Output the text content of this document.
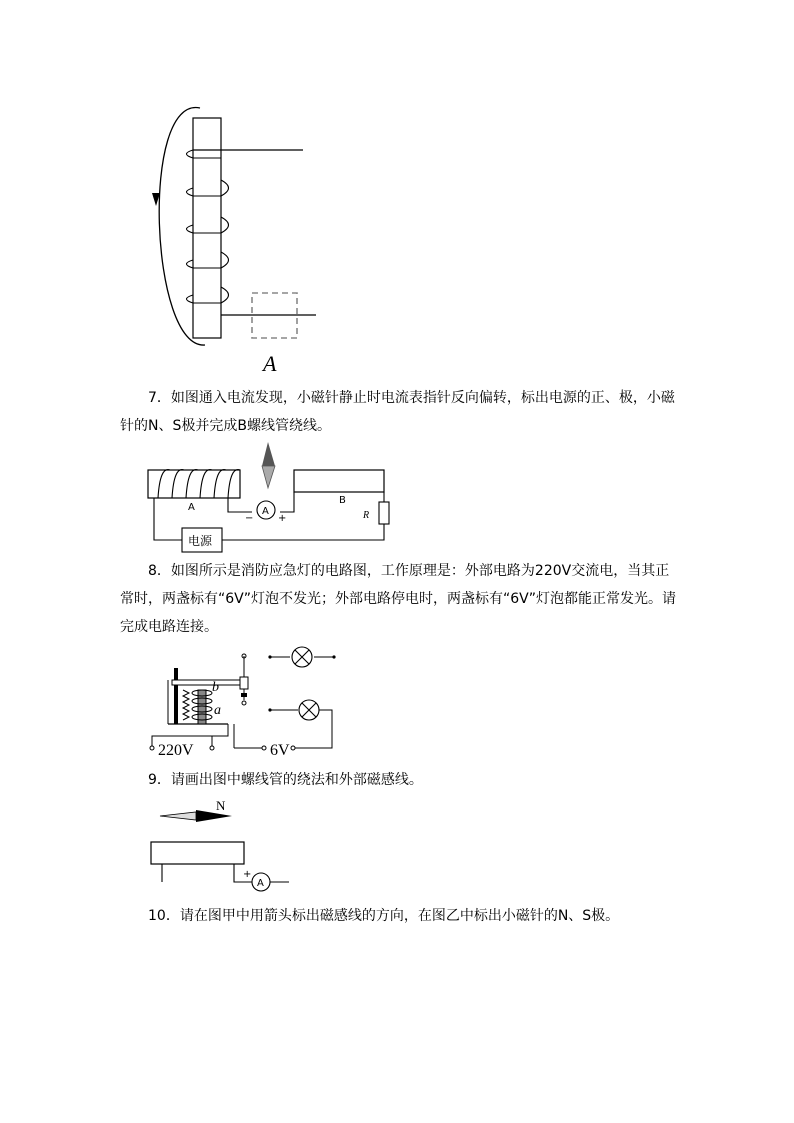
A
7．如图通入电流发现，小磁针静止时电流表指针反向偏转，标出电源的正、极，小磁针的N、S极并完成B螺线管绕线。
A
B
A
− +	R
电源
8．如图所示是消防应急灯的电路图，工作原理是：外部电路为220V交流电，当其正常时，两盏标有“6V”灯泡不发光；外部电路停电时，两盏标有“6V”灯泡都能正常发光。请完成电路连接。
b
a
220V	6V
9．请画出图中螺线管的绕法和外部磁感线。
N
+
A
10．请在图甲中用箭头标出磁感线的方向，在图乙中标出小磁针的N、S极。
